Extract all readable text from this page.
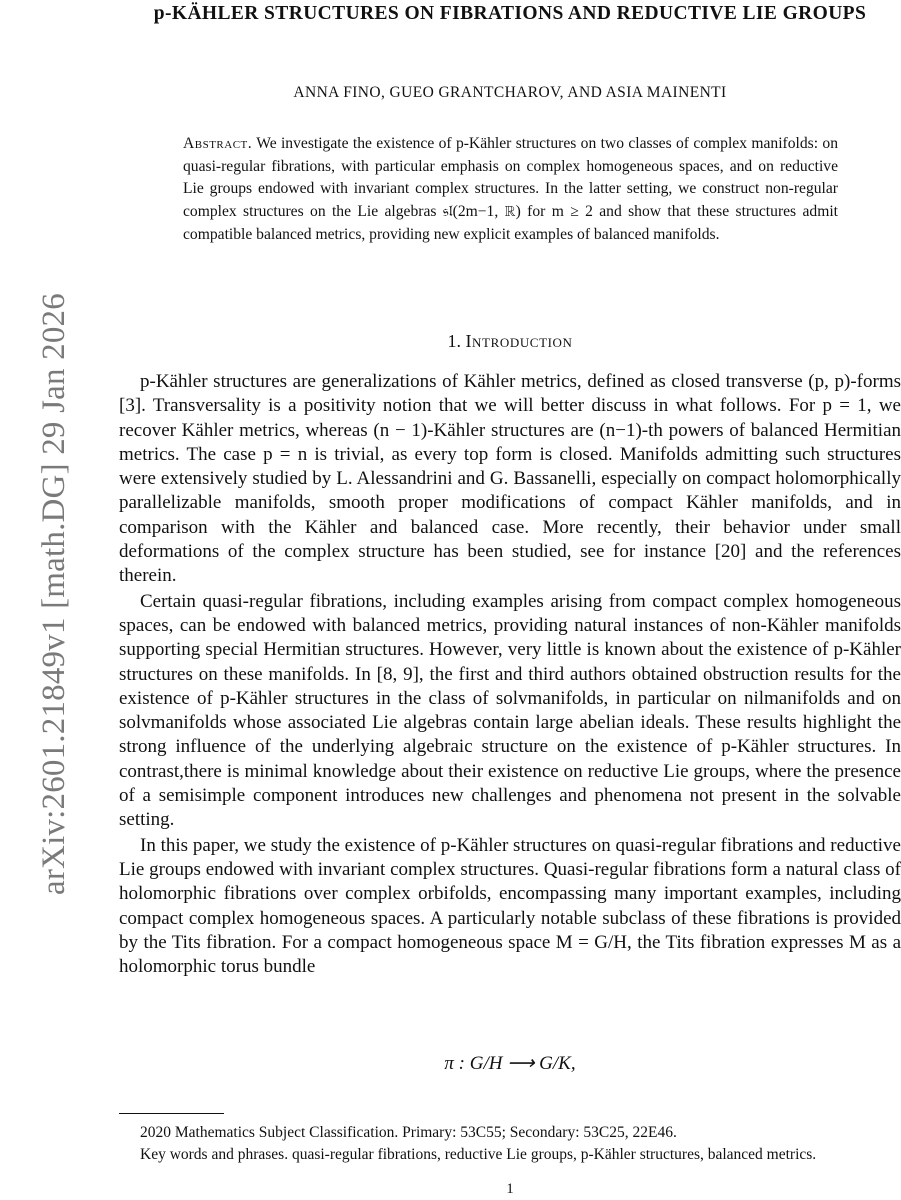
arXiv:2601.21849v1 [math.DG] 29 Jan 2026
p-KÄHLER STRUCTURES ON FIBRATIONS AND REDUCTIVE LIE GROUPS
ANNA FINO, GUEO GRANTCHAROV, AND ASIA MAINENTI
Abstract. We investigate the existence of p-Kähler structures on two classes of complex manifolds: on quasi-regular fibrations, with particular emphasis on complex homogeneous spaces, and on reductive Lie groups endowed with invariant complex structures. In the latter setting, we construct non-regular complex structures on the Lie algebras 𝔰𝔩(2m−1, ℝ) for m ≥ 2 and show that these structures admit compatible balanced metrics, providing new explicit examples of balanced manifolds.
1. Introduction

p-Kähler structures are generalizations of Kähler metrics, defined as closed transverse (p, p)-forms [3]. Transversality is a positivity notion that we will better discuss in what follows. For p = 1, we recover Kähler metrics, whereas (n − 1)-Kähler structures are (n−1)-th powers of balanced Hermitian metrics. The case p = n is trivial, as every top form is closed. Manifolds admitting such structures were extensively studied by L. Alessandrini and G. Bassanelli, especially on compact holomorphically parallelizable manifolds, smooth proper modifications of compact Kähler manifolds, and in comparison with the Kähler and balanced case. More recently, their behavior under small deformations of the complex structure has been studied, see for instance [20] and the references therein.

Certain quasi-regular fibrations, including examples arising from compact complex homogeneous spaces, can be endowed with balanced metrics, providing natural instances of non-Kähler manifolds supporting special Hermitian structures. However, very little is known about the existence of p-Kähler structures on these manifolds. In [8, 9], the first and third authors obtained obstruction results for the existence of p-Kähler structures in the class of solvmanifolds, in particular on nilmanifolds and on solvmanifolds whose associated Lie algebras contain large abelian ideals. These results highlight the strong influence of the underlying algebraic structure on the existence of p-Kähler structures. In contrast,there is minimal knowledge about their existence on reductive Lie groups, where the presence of a semisimple component introduces new challenges and phenomena not present in the solvable setting.

In this paper, we study the existence of p-Kähler structures on quasi-regular fibrations and reductive Lie groups endowed with invariant complex structures. Quasi-regular fibrations form a natural class of holomorphic fibrations over complex orbifolds, encompassing many important examples, including compact complex homogeneous spaces. A particularly notable subclass of these fibrations is provided by the Tits fibration. For a compact homogeneous space M = G/H, the Tits fibration expresses M as a holomorphic torus bundle

π : G/H ⟶ G/K,

2020 Mathematics Subject Classification. Primary: 53C55; Secondary: 53C25, 22E46.

Key words and phrases. quasi-regular fibrations, reductive Lie groups, p-Kähler structures, balanced metrics.

1
